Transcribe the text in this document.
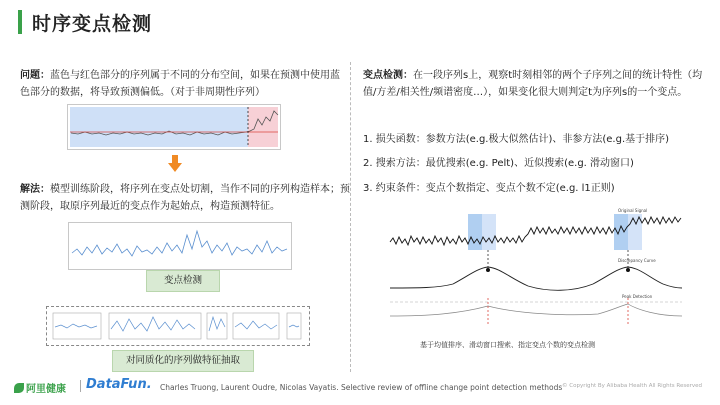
时序变点检测
问题：蓝色与红色部分的序列属于不同的分布空间，如果在预测中使用蓝色部分的数据，将导致预测偏低。（对于非周期性序列）
解法：模型训练阶段，将序列在变点处切割，当作不同的序列构造样本；预测阶段，取原序列最近的变点作为起始点，构造预测特征。
变点检测
对同质化的序列做特征抽取
变点检测：在一段序列s上，观察t时刻相邻的两个子序列之间的统计特性（均值/方差/相关性/频谱密度…），如果变化很大则判定t为序列s的一个变点。
1. 损失函数：参数方法(e.g.极大似然估计)、非参方法(e.g.基于排序)
2. 搜索方法：最优搜索(e.g. Pelt)、近似搜索(e.g. 滑动窗口)
3. 约束条件：变点个数指定、变点个数不定(e.g. l1正则)
Original Signal
Discrepancy Curve
Peak Detection
基于均值排序、滑动窗口搜索、指定变点个数的变点检测
阿里健康 DataFun. Charles Truong, Laurent Oudre, Nicolas Vayatis. Selective review of offline change point detection methods © Copyright By Alibaba Health All Rights Reserved
